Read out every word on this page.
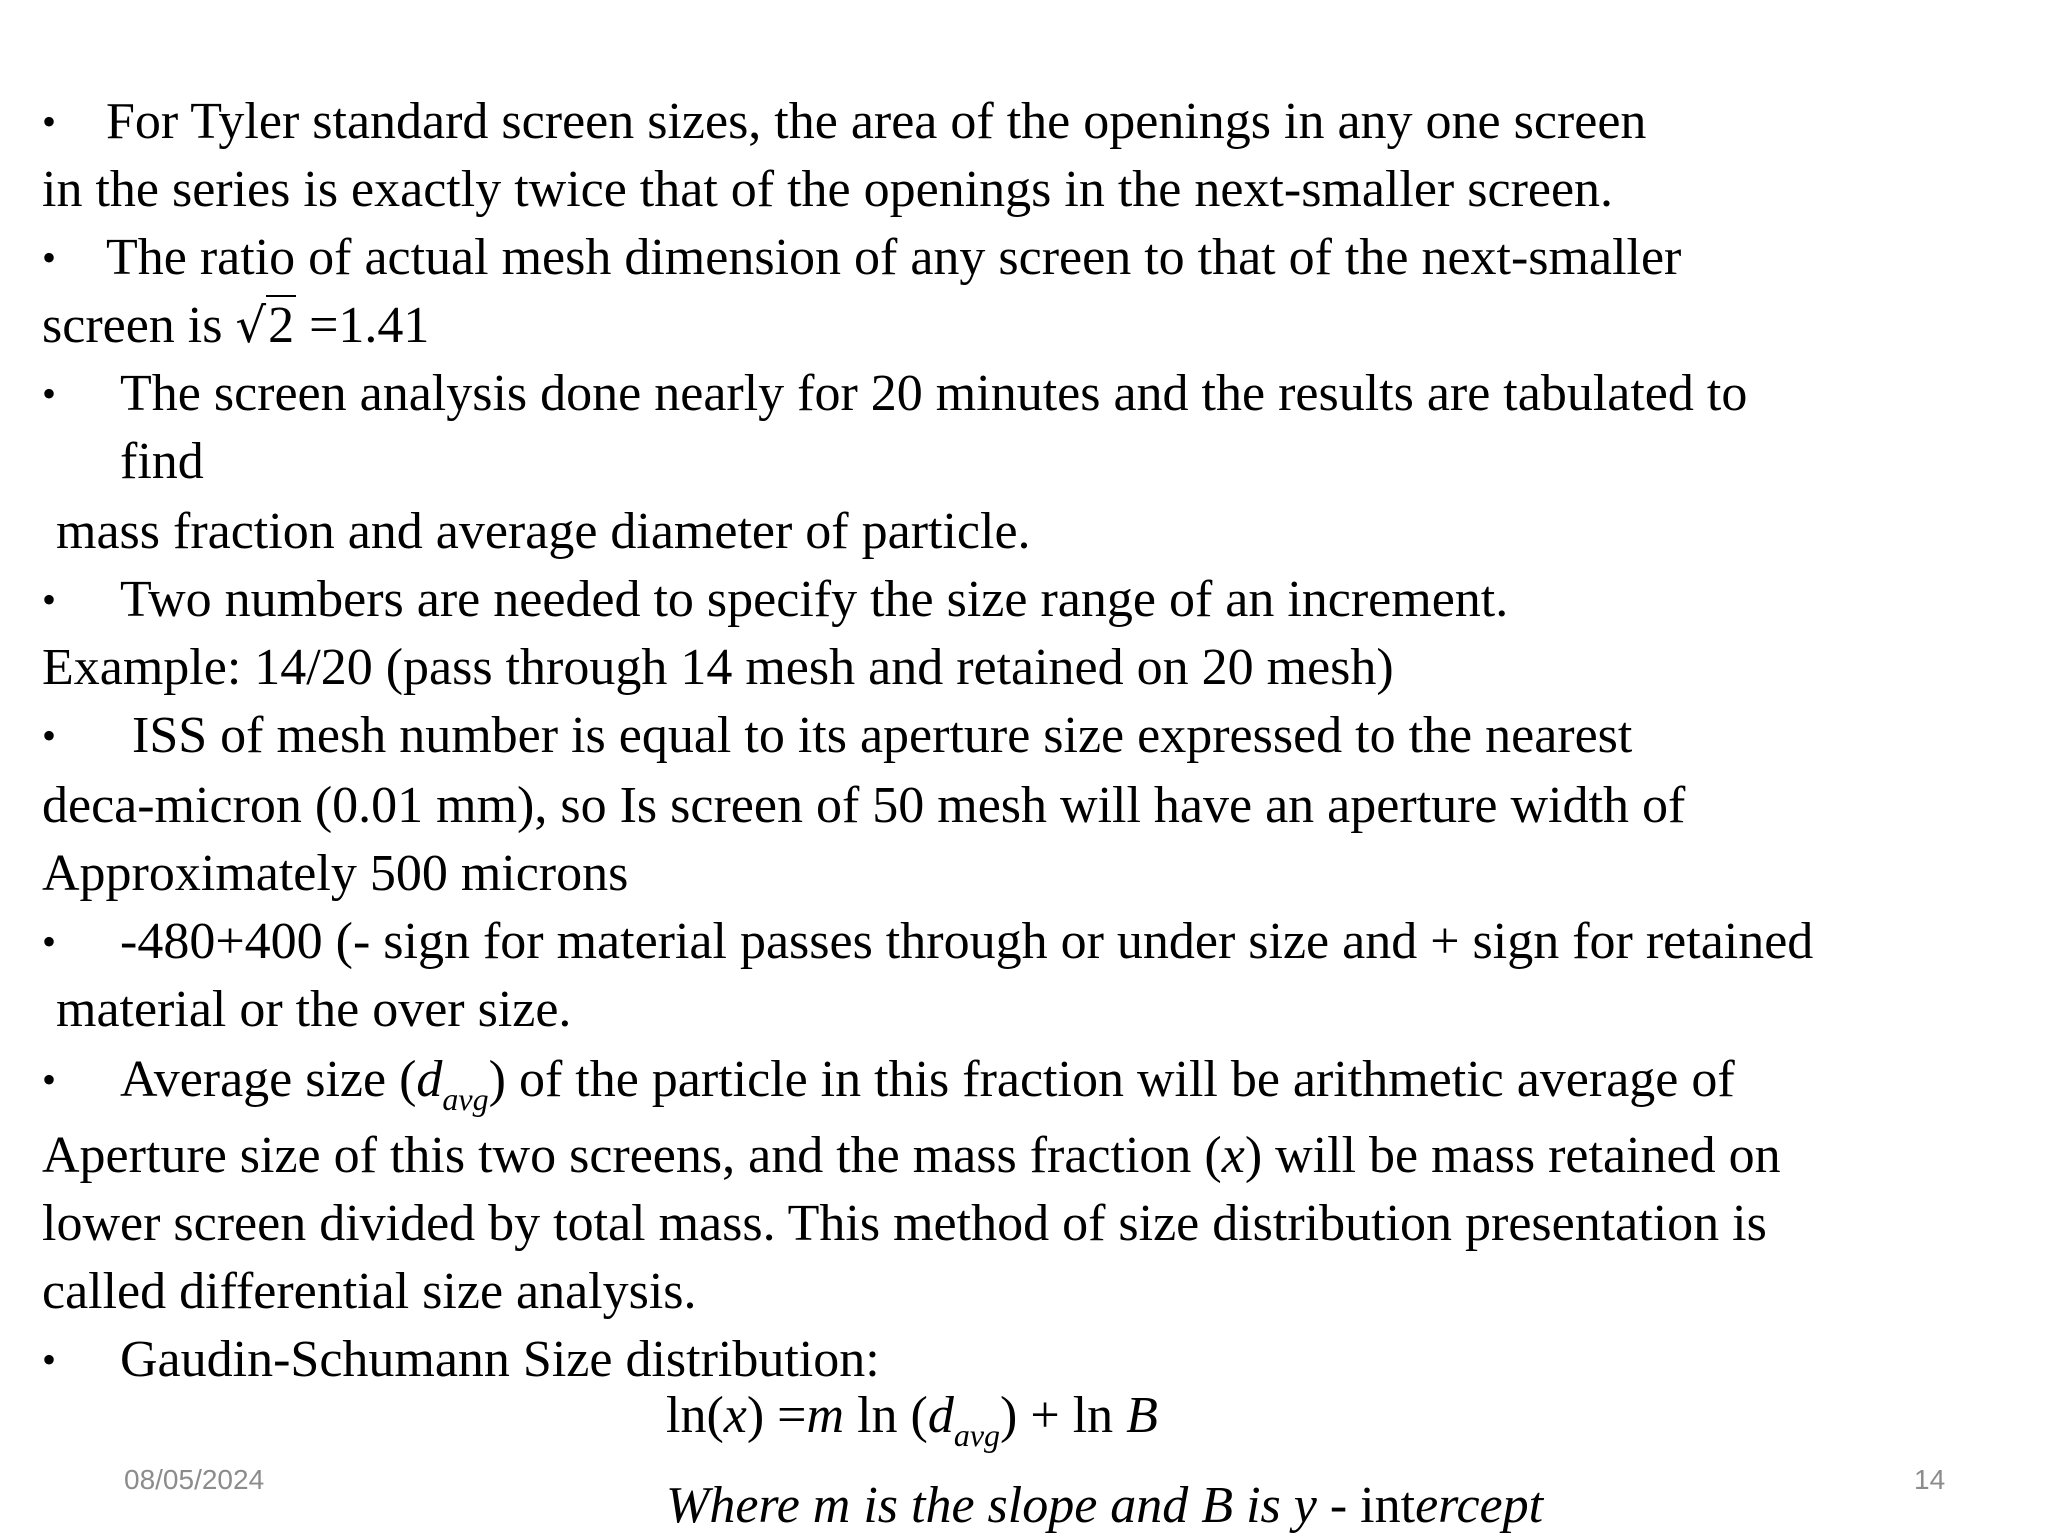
• For Tyler standard screen sizes, the area of the openings in any one screen
in the series is exactly twice that of the openings in the next-smaller screen.
• The ratio of actual mesh dimension of any screen to that of the next-smaller
screen is √2 =1.41
• The screen analysis done nearly for 20 minutes and the results are tabulated to
find
mass fraction and average diameter of particle.
• Two numbers are needed to specify the size range of an increment.
Example: 14/20 (pass through 14 mesh and retained on 20 mesh)
• ISS of mesh number is equal to its aperture size expressed to the nearest
deca-micron (0.01 mm), so Is screen of 50 mesh will have an aperture width of
Approximately 500 microns
• -480+400 (- sign for material passes through or under size and + sign for retained
material or the over size.
• Average size $(d_{avg})$ of the particle in this fraction will be arithmetic average of
Aperture size of this two screens, and the mass fraction (x) will be mass retained on
lower screen divided by total mass. This method of size distribution presentation is
called differential size analysis.
• Gaudin-Schumann Size distribution:
ln(x) =m $\ln (d_{avg}) + \ln B$
Where m is the slope and B is y - intercept
08/05/2024	14
